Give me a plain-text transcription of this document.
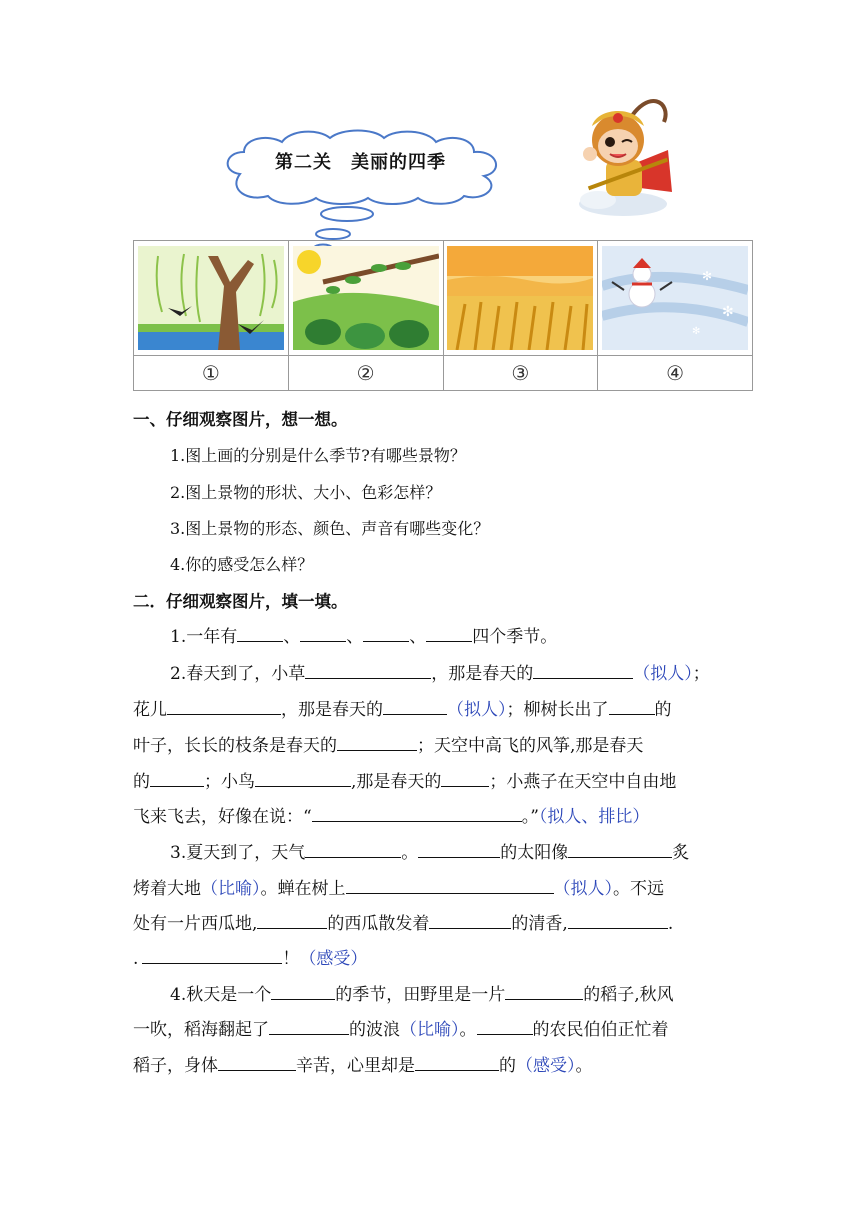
第二关　美丽的四季

✻
✻
✻

①	②	③	④
一、仔细观察图片，想一想。
1.图上画的分别是什么季节?有哪些景物？
2.图上景物的形状、大小、色彩怎样？
3.图上景物的形态、颜色、声音有哪些变化？
4.你的感受怎么样？
二．仔细观察图片，填一填。
1.一年有	、	、	、	四个季节。
2.春天到了，小草	，那是春天的	（拟人）；
花儿	，那是春天的	（拟人）；柳树长出了	的
叶子，长长的枝条是春天的	；天空中高飞的风筝,那是春天
的	；小鸟	,那是春天的	；小燕子在天空中自由地
飞来飞去，好像在说：“	。”（拟人、排比）
3.夏天到了，天气	。	的太阳像	炙
烤着大地（比喻）。蝉在树上	（拟人）。不远
处有一片西瓜地,	的西瓜散发着	的清香,	.
.	！（感受）
4.秋天是一个	的季节，田野里是一片	的稻子,秋风
一吹，稻海翻起了	的波浪（比喻）。	的农民伯伯正忙着
稻子，身体	辛苦，心里却是	的（感受）。
